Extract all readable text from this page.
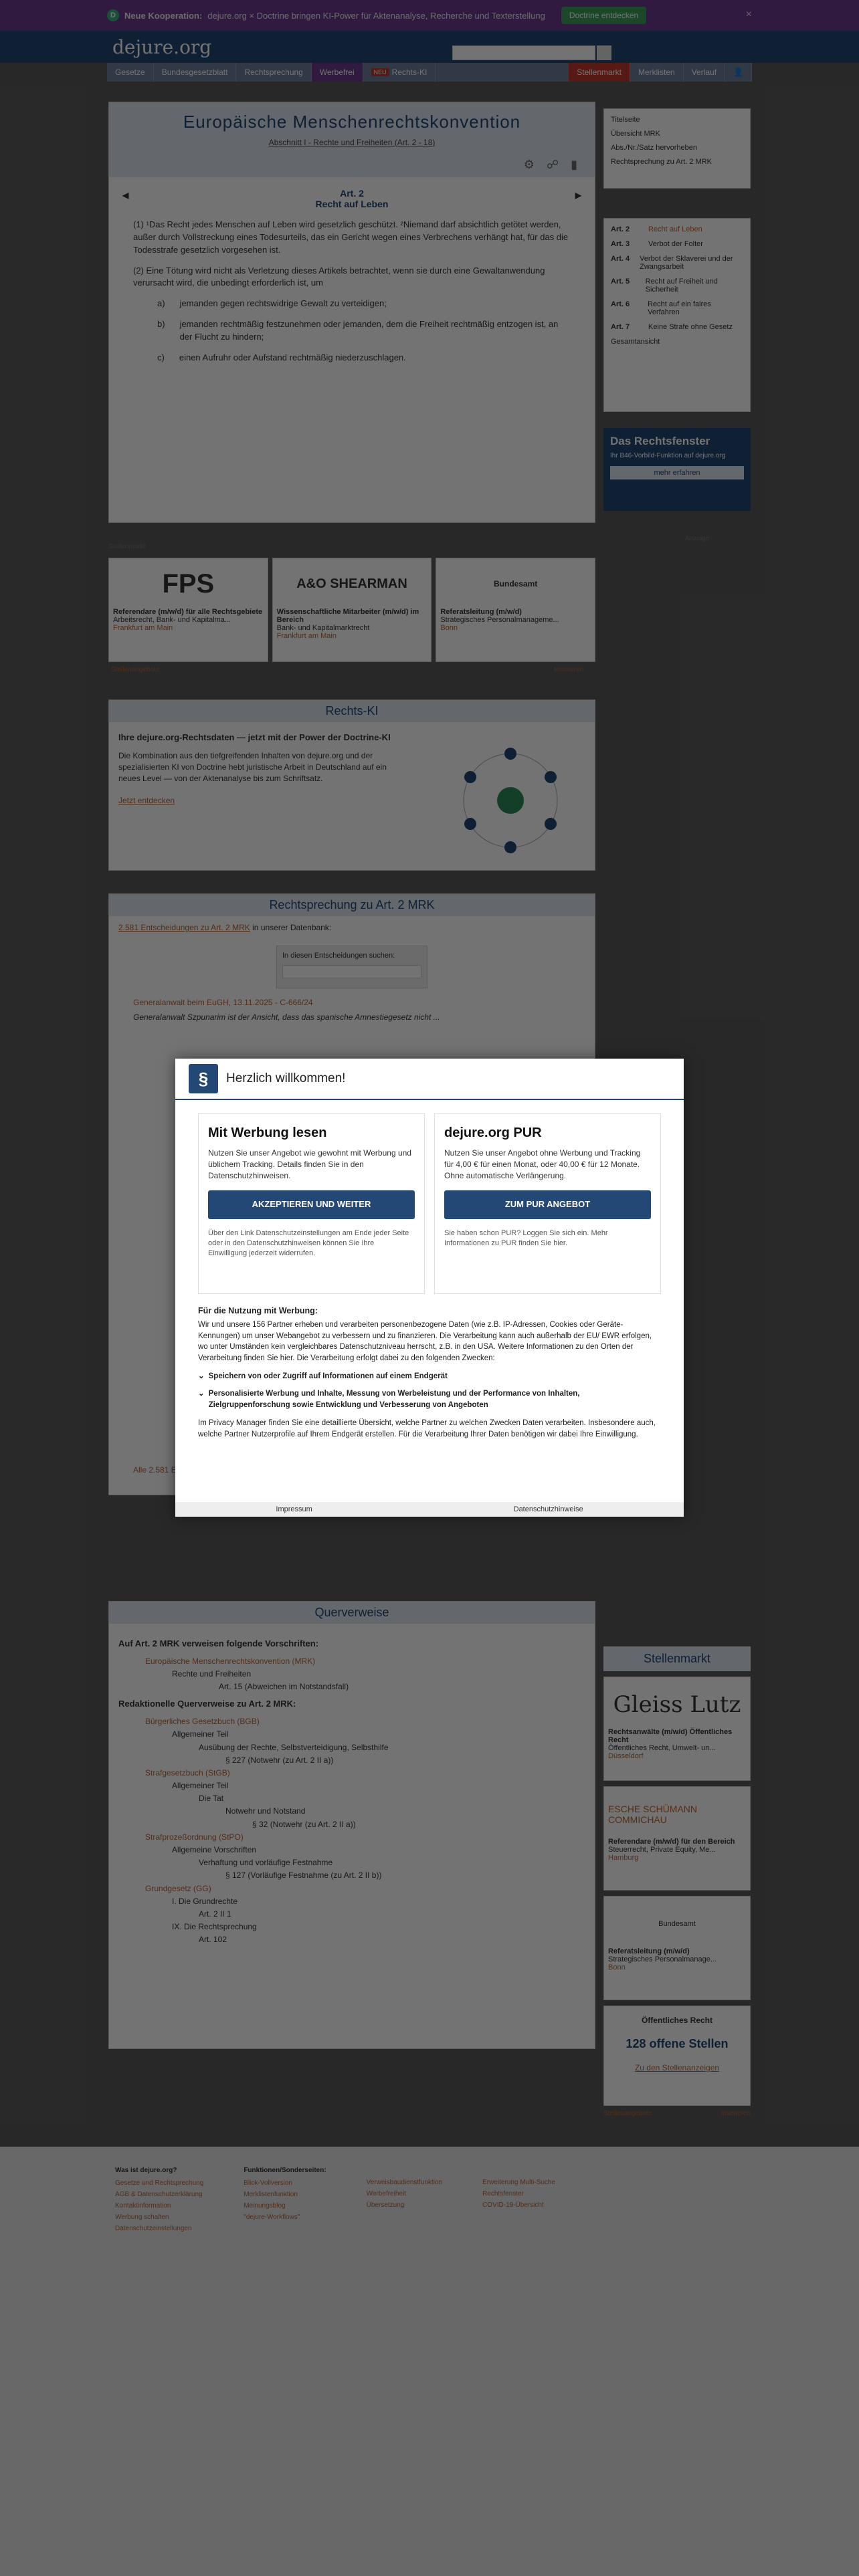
§	Herzlich willkommen!
Mit Werbung lesen
Nutzen Sie unser Angebot wie gewohnt mit Werbung und üblichem Tracking. Details finden Sie in den Datenschutzhinweisen.
AKZEPTIEREN UND WEITER
Über den Link Datenschutzeinstellungen am Ende jeder Seite oder in den Datenschutzhinweisen können Sie Ihre Einwilligung jederzeit widerrufen.
dejure.org PUR
Nutzen Sie unser Angebot ohne Werbung und Tracking für 4,00 € für einen Monat, oder 40,00 € für 12 Monate. Ohne automatische Verlängerung.
ZUM PUR ANGEBOT
Sie haben schon PUR? Loggen Sie sich ein. Mehr Informationen zu PUR finden Sie hier.
Für die Nutzung mit Werbung:
Wir und unsere 156 Partner erheben und verarbeiten personenbezogene Daten (wie z.B. IP-Adressen, Cookies oder Geräte-Kennungen) um unser Webangebot zu verbessern und zu finanzieren. Die Verarbeitung kann auch außerhalb der EU/ EWR erfolgen, wo unter Umständen kein vergleichbares Datenschutzniveau herrscht, z.B. in den USA. Weitere Informationen zu den Orten der Verarbeitung finden Sie hier. Die Verarbeitung erfolgt dabei zu den folgenden Zwecken:
⌄ Speichern von oder Zugriff auf Informationen auf einem Endgerät
⌄ Personalisierte Werbung und Inhalte, Messung von Werbeleistung und der Performance von Inhalten, Zielgruppenforschung sowie Entwicklung und Verbesserung von Angeboten
Im Privacy Manager finden Sie eine detaillierte Übersicht, welche Partner zu welchen Zwecken Daten verarbeiten. Insbesondere auch, welche Partner Nutzerprofile auf Ihrem Endgerät erstellen. Für die Verarbeitung Ihrer Daten benötigen wir dabei Ihre Einwilligung.
Impressum	Datenschutzhinweise
